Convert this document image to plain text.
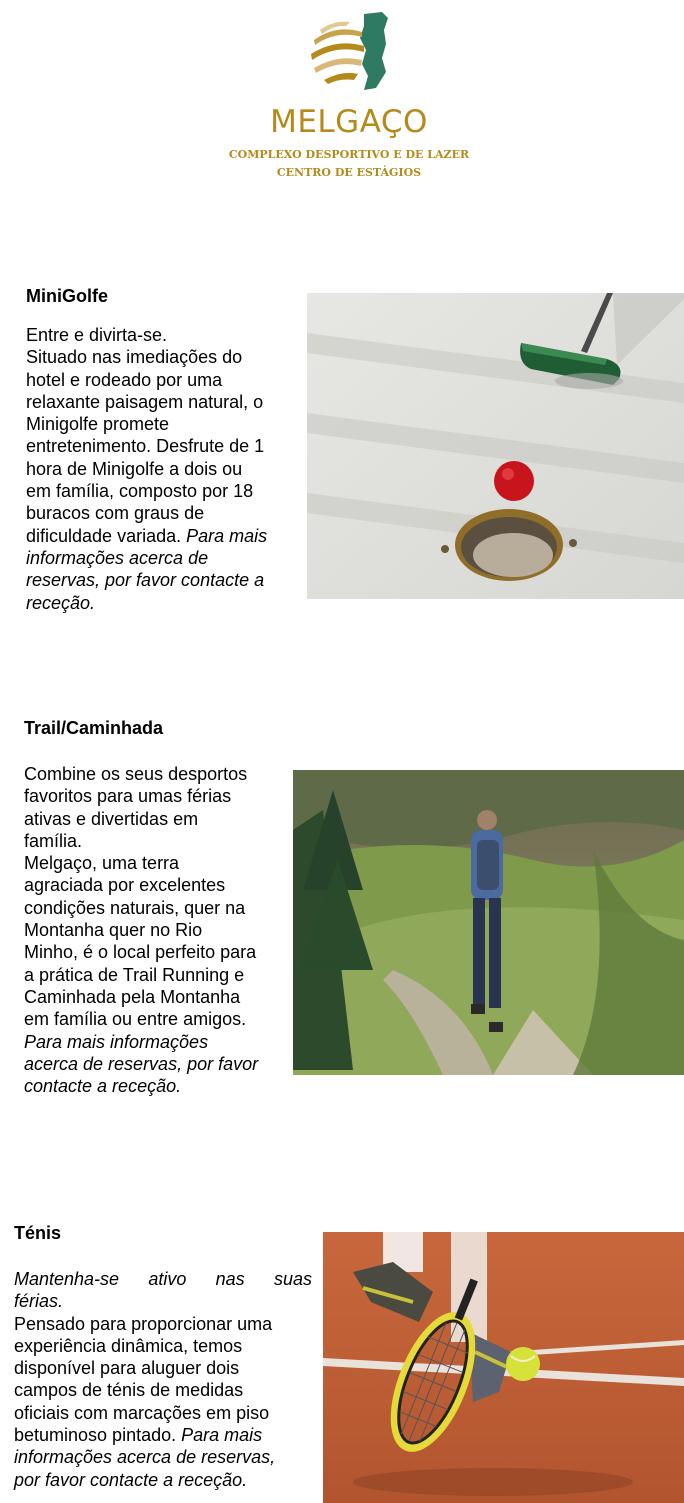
MELGAÇO
COMPLEXO DESPORTIVO E DE LAZER
CENTRO DE ESTÁGIOS
MiniGolfe
Entre e divirta-se.
Situado nas imediações do
hotel e rodeado por uma
relaxante paisagem natural, o
Minigolfe promete
entretenimento. Desfrute de 1
hora de Minigolfe a dois ou
em família, composto por 18
buracos com graus de
dificuldade variada. Para mais
informações acerca de
reservas, por favor contacte a
receção.
Trail/Caminhada
Combine os seus desportos
favoritos para umas férias
ativas e divertidas em
família.
Melgaço, uma terra
agraciada por excelentes
condições naturais, quer na
Montanha quer no Rio
Minho, é o local perfeito para
a prática de Trail Running e
Caminhada pela Montanha
em família ou entre amigos.
Para mais informações
acerca de reservas, por favor
contacte a receção.
Ténis
Mantenha-se ativo nas suas
férias.
Pensado para proporcionar uma
experiência dinâmica, temos
disponível para aluguer dois
campos de ténis de medidas
oficiais com marcações em piso
betuminoso pintado. Para mais
informações acerca de reservas,
por favor contacte a receção.
